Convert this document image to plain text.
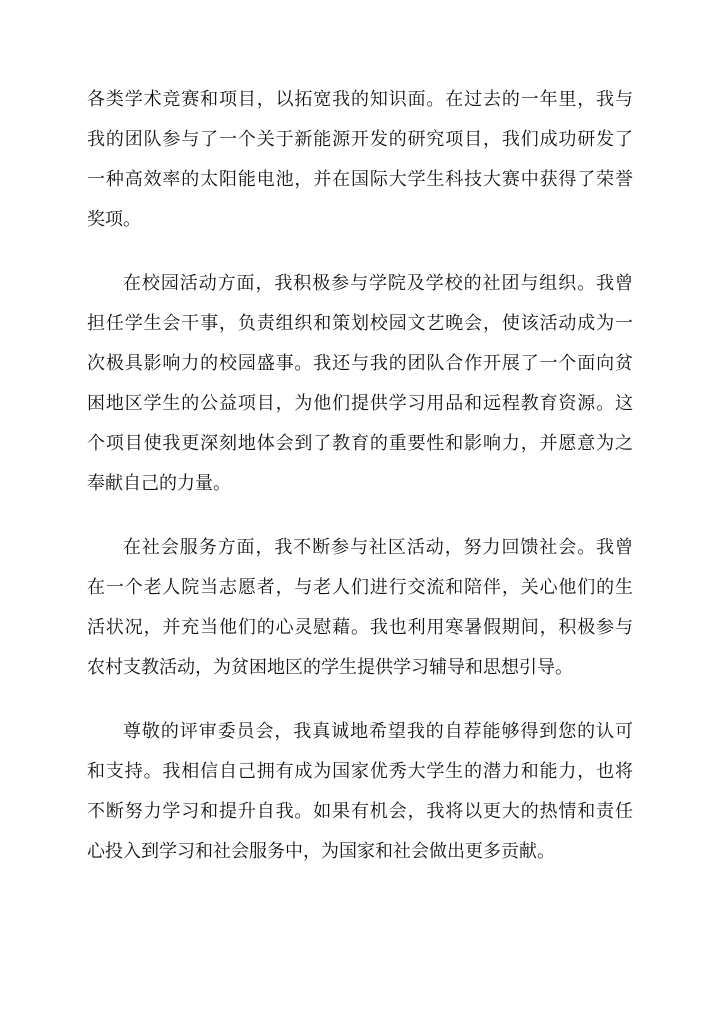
各类学术竞赛和项目，以拓宽我的知识面。在过去的一年里，我与
我的团队参与了一个关于新能源开发的研究项目，我们成功研发了
一种高效率的太阳能电池，并在国际大学生科技大赛中获得了荣誉
奖项。
在校园活动方面，我积极参与学院及学校的社团与组织。我曾
担任学生会干事，负责组织和策划校园文艺晚会，使该活动成为一
次极具影响力的校园盛事。我还与我的团队合作开展了一个面向贫
困地区学生的公益项目，为他们提供学习用品和远程教育资源。这
个项目使我更深刻地体会到了教育的重要性和影响力，并愿意为之
奉献自己的力量。
在社会服务方面，我不断参与社区活动，努力回馈社会。我曾
在一个老人院当志愿者，与老人们进行交流和陪伴，关心他们的生
活状况，并充当他们的心灵慰藉。我也利用寒暑假期间，积极参与
农村支教活动，为贫困地区的学生提供学习辅导和思想引导。
尊敬的评审委员会，我真诚地希望我的自荐能够得到您的认可
和支持。我相信自己拥有成为国家优秀大学生的潜力和能力，也将
不断努力学习和提升自我。如果有机会，我将以更大的热情和责任
心投入到学习和社会服务中，为国家和社会做出更多贡献。
